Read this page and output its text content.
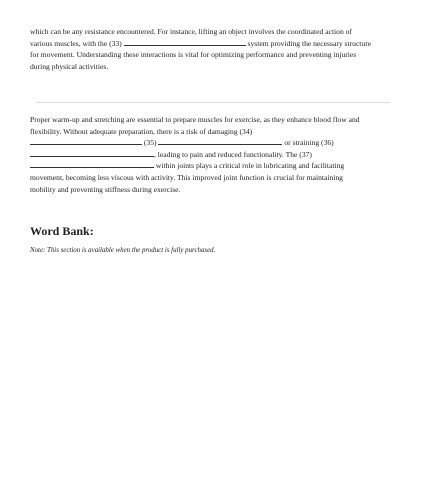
which can be any resistance encountered. For instance, lifting an object involves the coordinated action of
various muscles, with the (33)	system providing the necessary structure
for movement. Understanding these interactions is vital for optimizing performance and preventing injuries
during physical activities.

Proper warm-up and stretching are essential to prepare muscles for exercise, as they enhance blood flow and
flexibility. Without adequate preparation, there is a risk of damaging (34)
(35)	or straining (36)
, leading to pain and reduced functionality. The (37)
within joints plays a critical role in lubricating and facilitating
movement, becoming less viscous with activity. This improved joint function is crucial for maintaining
mobility and preventing stiffness during exercise.

Word Bank:

Note: This section is available when the product is fully purchased.
